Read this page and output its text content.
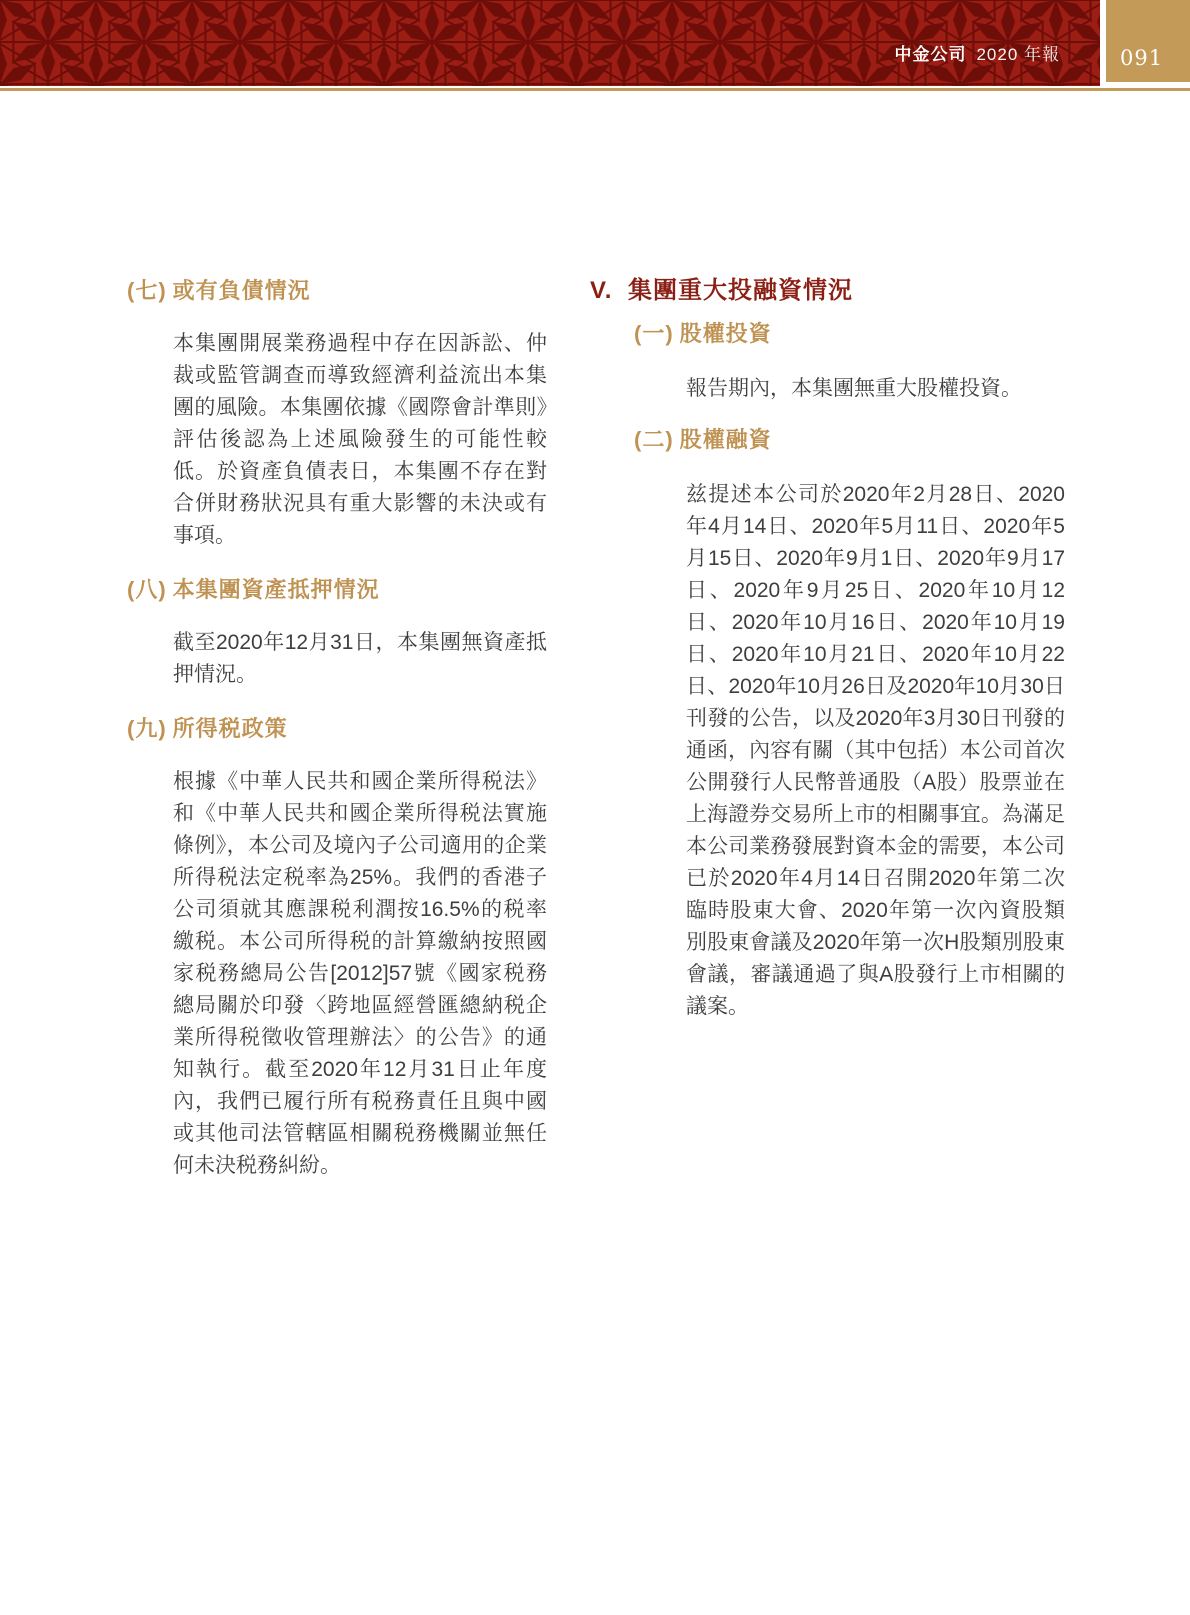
中金公司 2020 年報	091
(七) 或有負債情況

本集團開展業務過程中存在因訴訟、仲裁或監管調查而導致經濟利益流出本集團的風險。本集團依據《國際會計準則》評估後認為上述風險發生的可能性較低。於資產負債表日，本集團不存在對合併財務狀況具有重大影響的未決或有事項。

(八) 本集團資產抵押情況

截至2020年12月31日，本集團無資產抵押情況。

(九) 所得税政策

根據《中華人民共和國企業所得税法》和《中華人民共和國企業所得税法實施條例》，本公司及境內子公司適用的企業所得税法定税率為25%。我們的香港子公司須就其應課税利潤按16.5%的税率繳税。本公司所得税的計算繳納按照國家税務總局公告[2012]57號《國家税務總局關於印發〈跨地區經營匯總納税企業所得税徵收管理辦法〉的公告》的通知執行。截至2020年12月31日止年度內，我們已履行所有税務責任且與中國或其他司法管轄區相關税務機關並無任何未決税務糾紛。

V. 集團重大投融資情況
(一) 股權投資

報告期內，本集團無重大股權投資。

(二) 股權融資

兹提述本公司於2020年2月28日、2020年4月14日、2020年5月11日、2020年5月15日、2020年9月1日、2020年9月17日、2020年9月25日、2020年10月12日、2020年10月16日、2020年10月19日、2020年10月21日、2020年10月22日、2020年10月26日及2020年10月30日刊發的公告，以及2020年3月30日刊發的通函，內容有關（其中包括）本公司首次公開發行人民幣普通股（A股）股票並在上海證券交易所上市的相關事宜。為滿足本公司業務發展對資本金的需要，本公司已於2020年4月14日召開2020年第二次臨時股東大會、2020年第一次內資股類別股東會議及2020年第一次H股類別股東會議，審議通過了與A股發行上市相關的議案。
